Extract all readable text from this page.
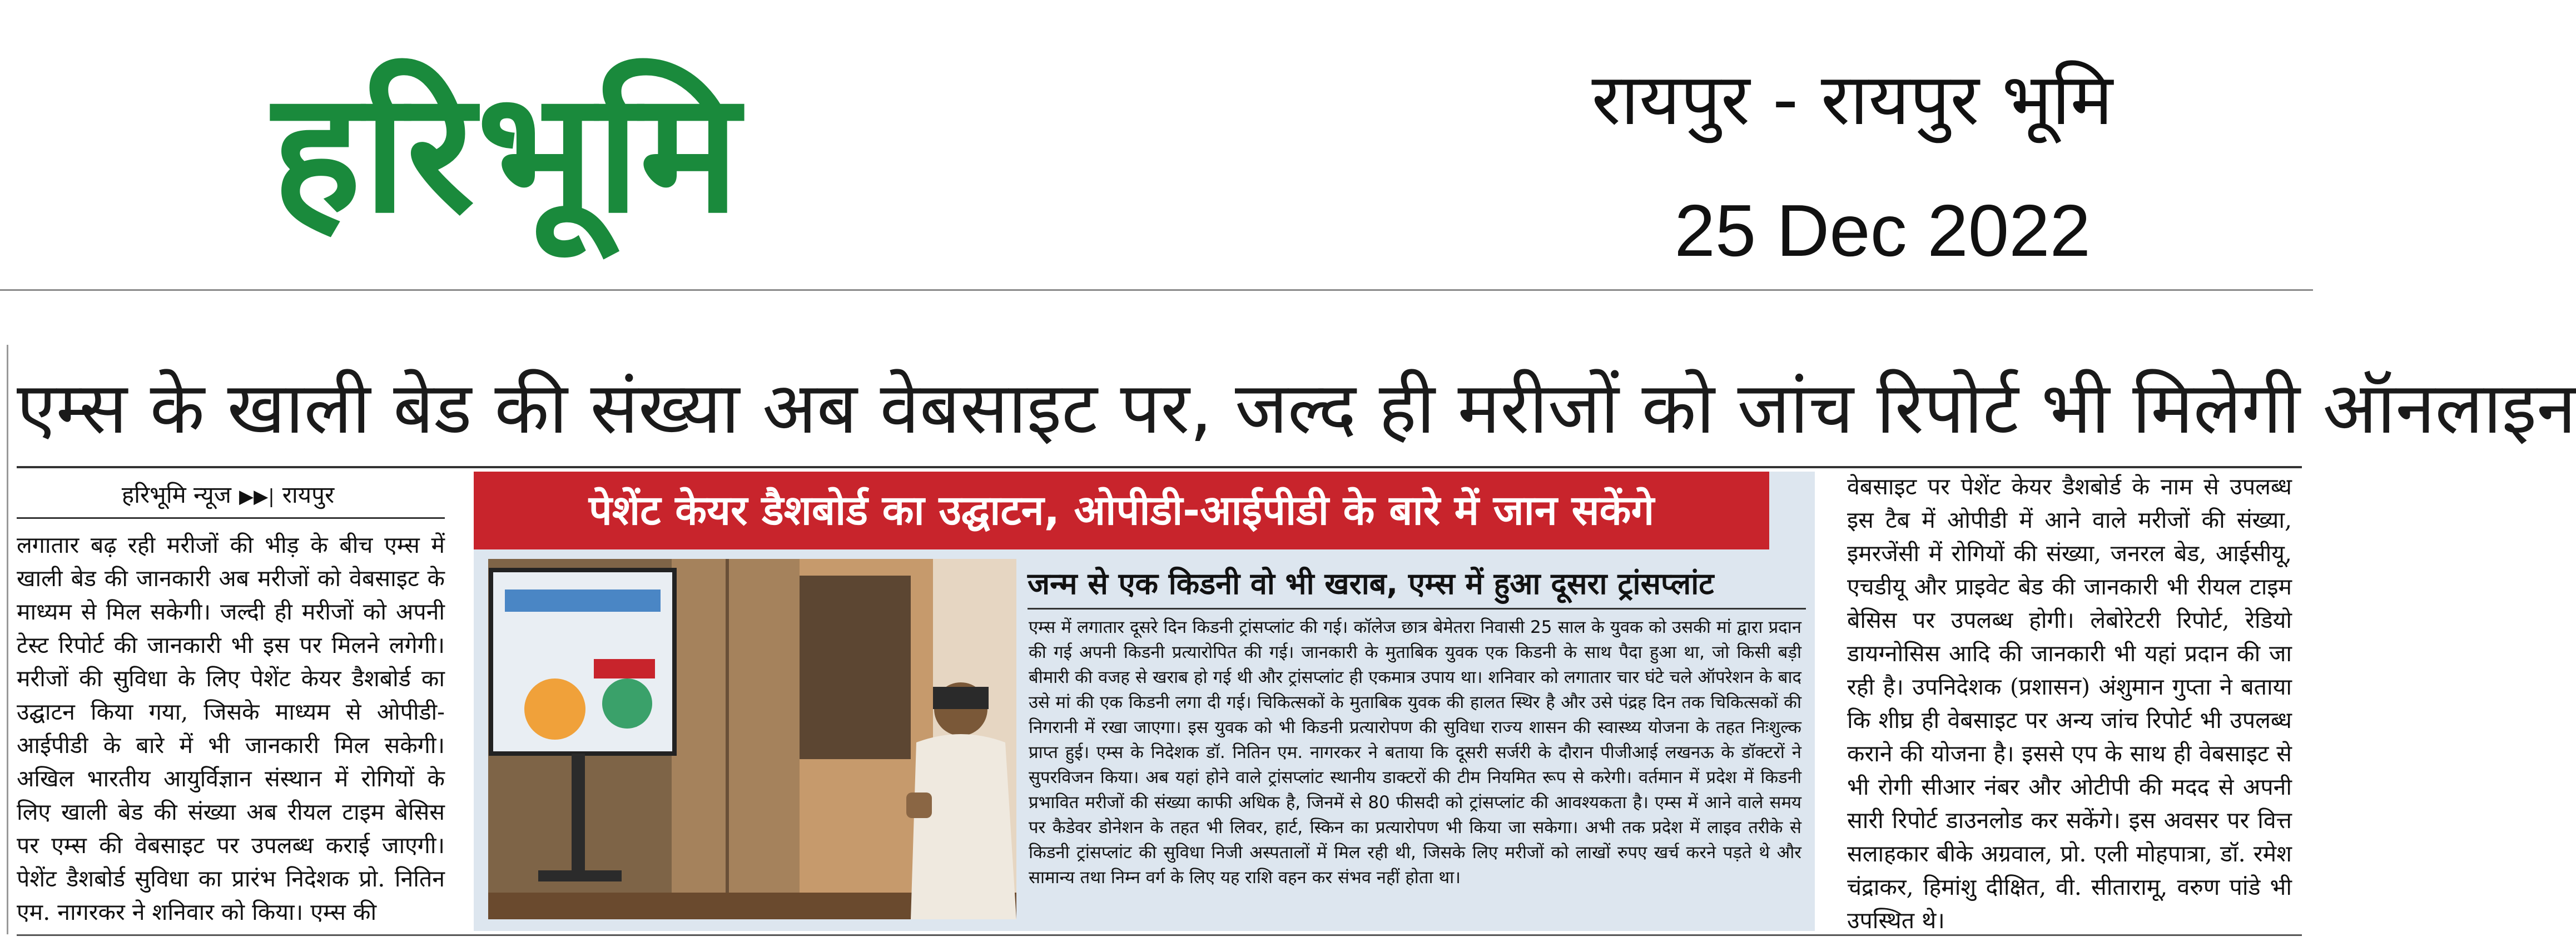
हरिभूमि	रायपुर - रायपुर भूमि
25 Dec 2022
एम्स के खाली बेड की संख्या अब वेबसाइट पर, जल्द ही मरीजों को जांच रिपोर्ट भी मिलेगी ऑनलाइन
हरिभूमि न्यूज ▶▶| रायपुर
लगातार बढ़ रही मरीजों की भीड़ के बीच एम्स में खाली बेड की जानकारी अब मरीजों को वेबसाइट के माध्यम से मिल सकेगी। जल्दी ही मरीजों को अपनी टेस्ट रिपोर्ट की जानकारी भी इस पर मिलने लगेगी। मरीजों की सुविधा के लिए पेशेंट केयर डैशबोर्ड का उद्घाटन किया गया, जिसके माध्यम से ओपीडी-आईपीडी के बारे में भी जानकारी मिल सकेगी। अखिल भारतीय आयुर्विज्ञान संस्थान में रोगियों के लिए खाली बेड की संख्या अब रीयल टाइम बेसिस पर एम्स की वेबसाइट पर उपलब्ध कराई जाएगी। पेशेंट डैशबोर्ड सुविधा का प्रारंभ निदेशक प्रो. नितिन एम. नागरकर ने शनिवार को किया। एम्स की
पेशेंट केयर डैशबोर्ड का उद्घाटन, ओपीडी-आईपीडी के बारे में जान सकेंगे
जन्म से एक किडनी वो भी खराब, एम्स में हुआ दूसरा ट्रांसप्लांट
एम्स में लगातार दूसरे दिन किडनी ट्रांसप्लांट की गई। कॉलेज छात्र बेमेतरा निवासी 25 साल के युवक को उसकी मां द्वारा प्रदान की गई अपनी किडनी प्रत्यारोपित की गई। जानकारी के मुताबिक युवक एक किडनी के साथ पैदा हुआ था, जो किसी बड़ी बीमारी की वजह से खराब हो गई थी और ट्रांसप्लांट ही एकमात्र उपाय था। शनिवार को लगातार चार घंटे चले ऑपरेशन के बाद उसे मां की एक किडनी लगा दी गई। चिकित्सकों के मुताबिक युवक की हालत स्थिर है और उसे पंद्रह दिन तक चिकित्सकों की निगरानी में रखा जाएगा। इस युवक को भी किडनी प्रत्यारोपण की सुविधा राज्य शासन की स्वास्थ्य योजना के तहत निःशुल्क प्राप्त हुई। एम्स के निदेशक डॉ. नितिन एम. नागरकर ने बताया कि दूसरी सर्जरी के दौरान पीजीआई लखनऊ के डॉक्टरों ने सुपरविजन किया। अब यहां होने वाले ट्रांसप्लांट स्थानीय डाक्टरों की टीम नियमित रूप से करेगी। वर्तमान में प्रदेश में किडनी प्रभावित मरीजों की संख्या काफी अधिक है, जिनमें से 80 फीसदी को ट्रांसप्लांट की आवश्यकता है। एम्स में आने वाले समय पर कैडेवर डोनेशन के तहत भी लिवर, हार्ट, स्किन का प्रत्यारोपण भी किया जा सकेगा। अभी तक प्रदेश में लाइव तरीके से किडनी ट्रांसप्लांट की सुविधा निजी अस्पतालों में मिल रही थी, जिसके लिए मरीजों को लाखों रुपए खर्च करने पड़ते थे और सामान्य तथा निम्न वर्ग के लिए यह राशि वहन कर संभव नहीं होता था।
वेबसाइट पर पेशेंट केयर डैशबोर्ड के नाम से उपलब्ध इस टैब में ओपीडी में आने वाले मरीजों की संख्या, इमरजेंसी में रोगियों की संख्या, जनरल बेड, आईसीयू, एचडीयू और प्राइवेट बेड की जानकारी भी रीयल टाइम बेसिस पर उपलब्ध होगी। लेबोरेटरी रिपोर्ट, रेडियो डायग्नोसिस आदि की जानकारी भी यहां प्रदान की जा रही है। उपनिदेशक (प्रशासन) अंशुमान गुप्ता ने बताया कि शीघ्र ही वेबसाइट पर अन्य जांच रिपोर्ट भी उपलब्ध कराने की योजना है। इससे एप के साथ ही वेबसाइट से भी रोगी सीआर नंबर और ओटीपी की मदद से अपनी सारी रिपोर्ट डाउनलोड कर सकेंगे। इस अवसर पर वित्त सलाहकार बीके अग्रवाल, प्रो. एली मोहपात्रा, डॉ. रमेश चंद्राकर, हिमांशु दीक्षित, वी. सीतारामू, वरुण पांडे भी उपस्थित थे।
